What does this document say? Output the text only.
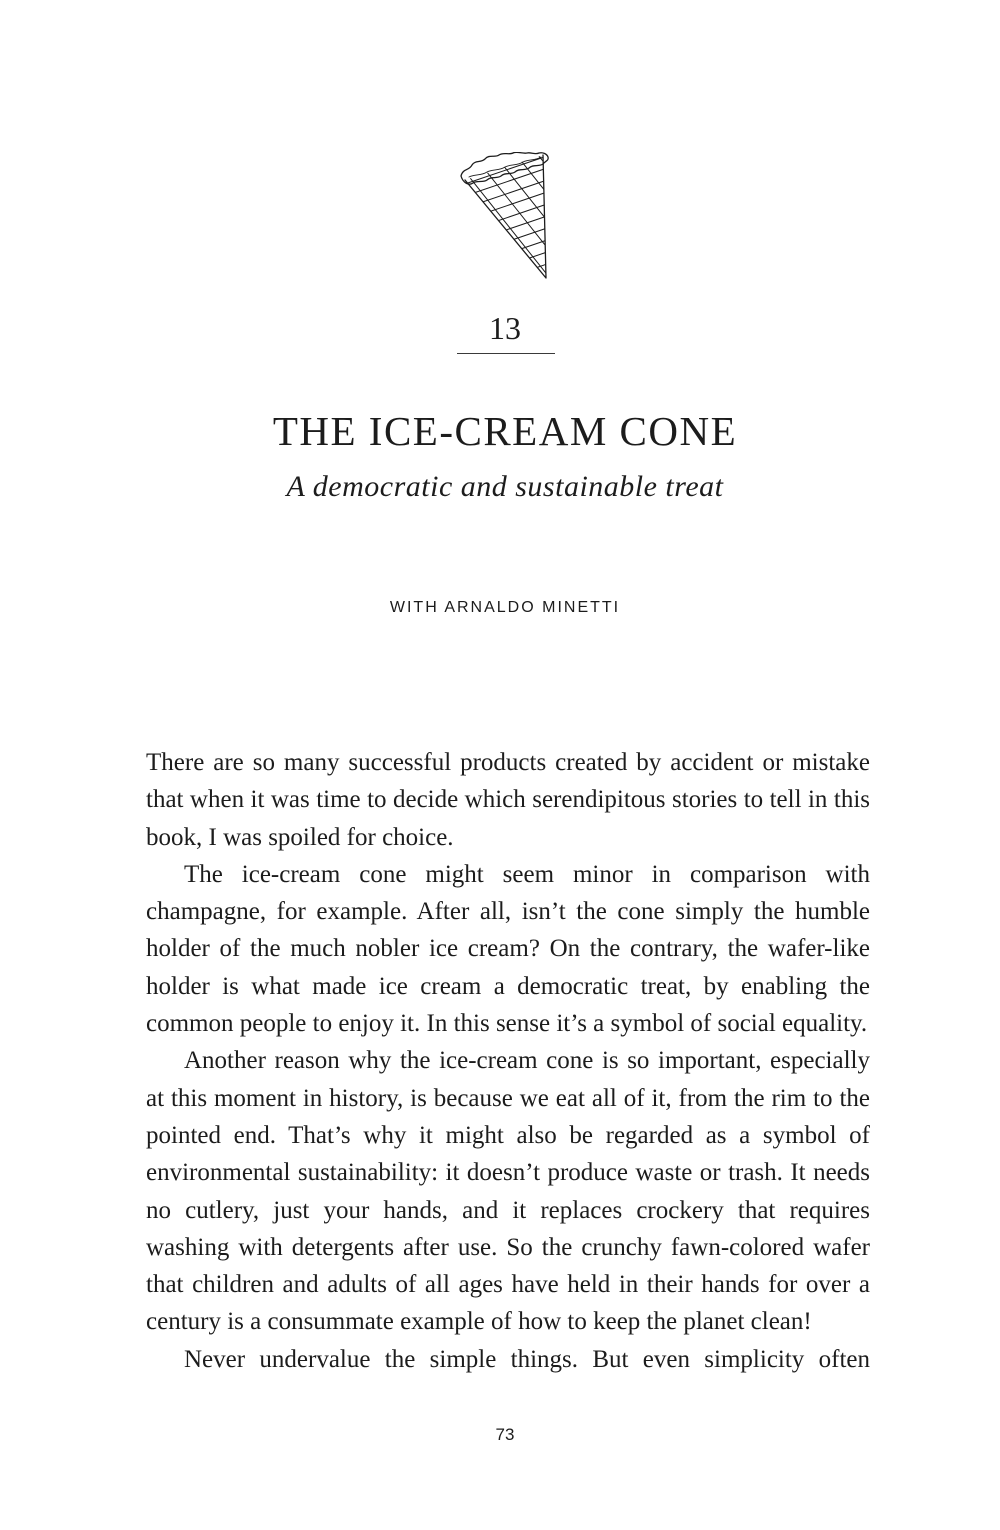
13
THE ICE-CREAM CONE

A democratic and sustainable treat

WITH ARNALDO MINETTI

There are so many successful products created by accident or mistake that when it was time to decide which serendipitous stories to tell in this book, I was spoiled for choice.

The ice-cream cone might seem minor in comparison with champagne, for example. After all, isn’t the cone simply the humble holder of the much nobler ice cream? On the contrary, the wafer-like holder is what made ice cream a democratic treat, by enabling the common people to enjoy it. In this sense it’s a symbol of social equality.

Another reason why the ice-cream cone is so important, especially at this moment in history, is because we eat all of it, from the rim to the pointed end. That’s why it might also be regarded as a symbol of environmental sustainability: it doesn’t produce waste or trash. It needs no cutlery, just your hands, and it replaces crockery that requires washing with detergents after use. So the crunchy fawn-colored wafer that children and adults of all ages have held in their hands for over a century is a consummate example of how to keep the planet clean!

Never undervalue the simple things. But even simplicity often

73
